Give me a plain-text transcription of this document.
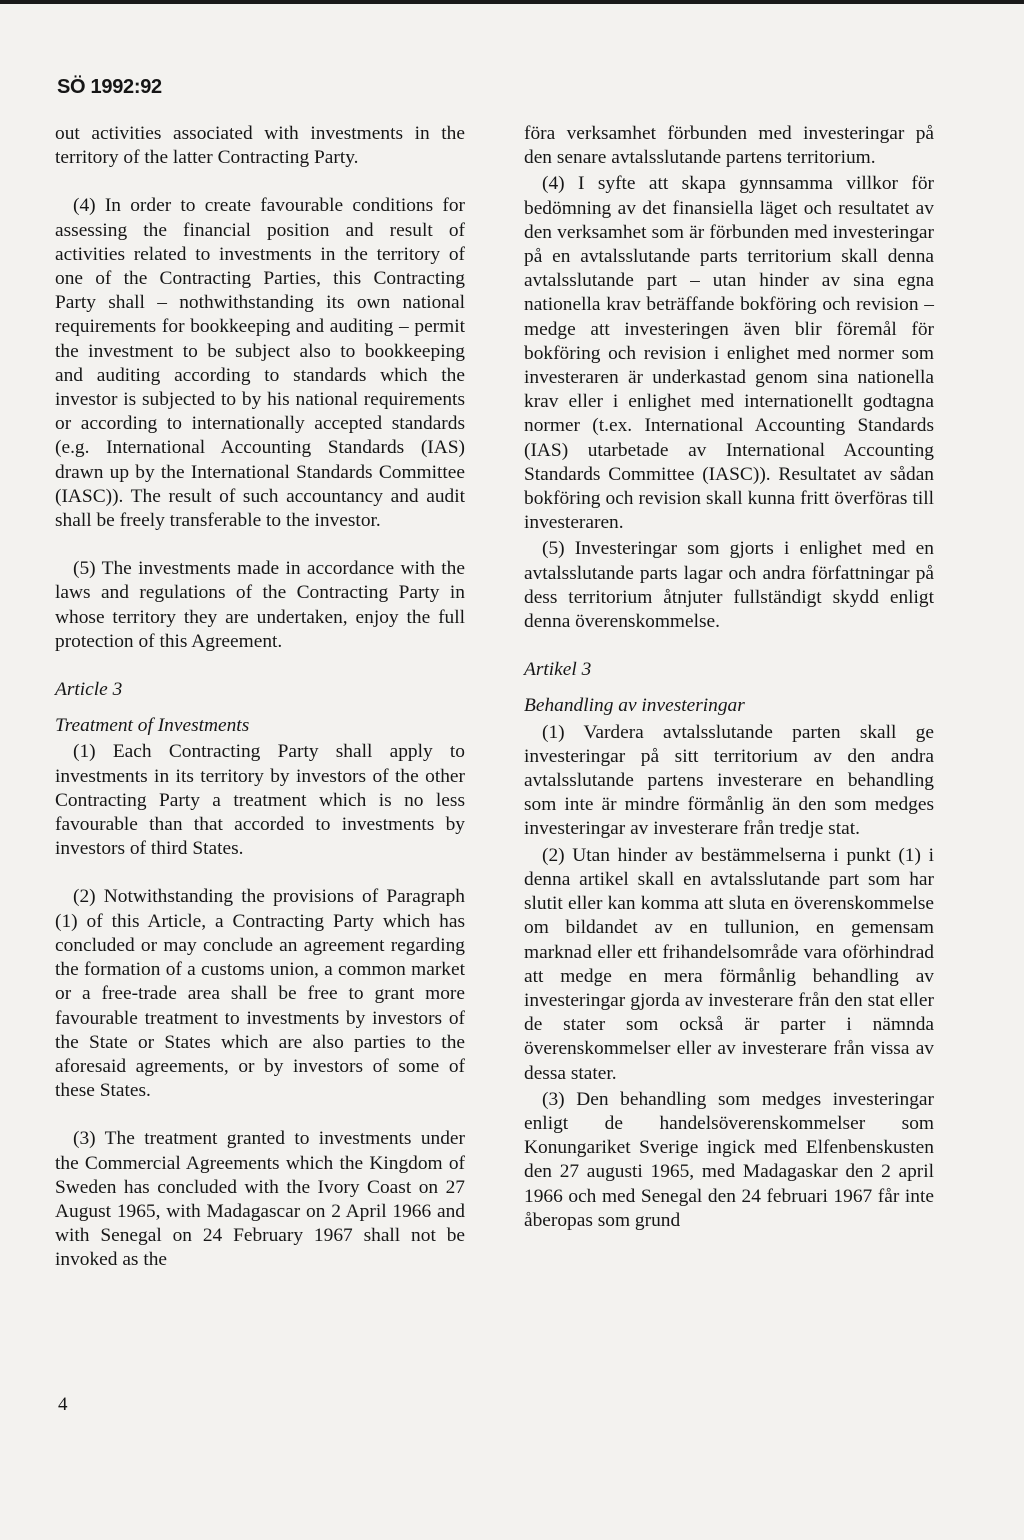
SÖ 1992:92

out activities associated with investments in the territory of the latter Contracting Party.

(4) In order to create favourable conditions for assessing the financial position and result of activities related to investments in the territory of one of the Contracting Parties, this Contracting Party shall – nothwithstanding its own national requirements for bookkeeping and auditing – permit the investment to be subject also to bookkeeping and auditing according to standards which the investor is subjected to by his national requirements or according to internationally accepted standards (e.g. International Accounting Standards (IAS) drawn up by the International Standards Committee (IASC)). The result of such accountancy and audit shall be freely transferable to the investor.

(5) The investments made in accordance with the laws and regulations of the Contracting Party in whose territory they are undertaken, enjoy the full protection of this Agreement.

Article 3

Treatment of Investments

(1) Each Contracting Party shall apply to investments in its territory by investors of the other Contracting Party a treatment which is no less favourable than that accorded to investments by investors of third States.

(2) Notwithstanding the provisions of Paragraph (1) of this Article, a Contracting Party which has concluded or may conclude an agreement regarding the formation of a customs union, a common market or a free-trade area shall be free to grant more favourable treatment to investments by investors of the State or States which are also parties to the aforesaid agreements, or by investors of some of these States.

(3) The treatment granted to investments under the Commercial Agreements which the Kingdom of Sweden has concluded with the Ivory Coast on 27 August 1965, with Madagascar on 2 April 1966 and with Senegal on 24 February 1967 shall not be invoked as the

föra verksamhet förbunden med investeringar på den senare avtalsslutande partens territorium.

(4) I syfte att skapa gynnsamma villkor för bedömning av det finansiella läget och resultatet av den verksamhet som är förbunden med investeringar på en avtalsslutande parts territorium skall denna avtalsslutande part – utan hinder av sina egna nationella krav beträffande bokföring och revision – medge att investeringen även blir föremål för bokföring och revision i enlighet med normer som investeraren är underkastad genom sina nationella krav eller i enlighet med internationellt godtagna normer (t.ex. International Accounting Standards (IAS) utarbetade av International Accounting Standards Committee (IASC)). Resultatet av sådan bokföring och revision skall kunna fritt överföras till investeraren.

(5) Investeringar som gjorts i enlighet med en avtalsslutande parts lagar och andra författningar på dess territorium åtnjuter fullständigt skydd enligt denna överenskommelse.

Artikel 3

Behandling av investeringar

(1) Vardera avtalsslutande parten skall ge investeringar på sitt territorium av den andra avtalsslutande partens investerare en behandling som inte är mindre förmånlig än den som medges investeringar av investerare från tredje stat.

(2) Utan hinder av bestämmelserna i punkt (1) i denna artikel skall en avtalsslutande part som har slutit eller kan komma att sluta en överenskommelse om bildandet av en tullunion, en gemensam marknad eller ett frihandelsområde vara oförhindrad att medge en mera förmånlig behandling av investeringar gjorda av investerare från den stat eller de stater som också är parter i nämnda överenskommelser eller av investerare från vissa av dessa stater.

(3) Den behandling som medges investeringar enligt de handelsöverenskommelser som Konungariket Sverige ingick med Elfenbenskusten den 27 augusti 1965, med Madagaskar den 2 april 1966 och med Senegal den 24 februari 1967 får inte åberopas som grund

4
